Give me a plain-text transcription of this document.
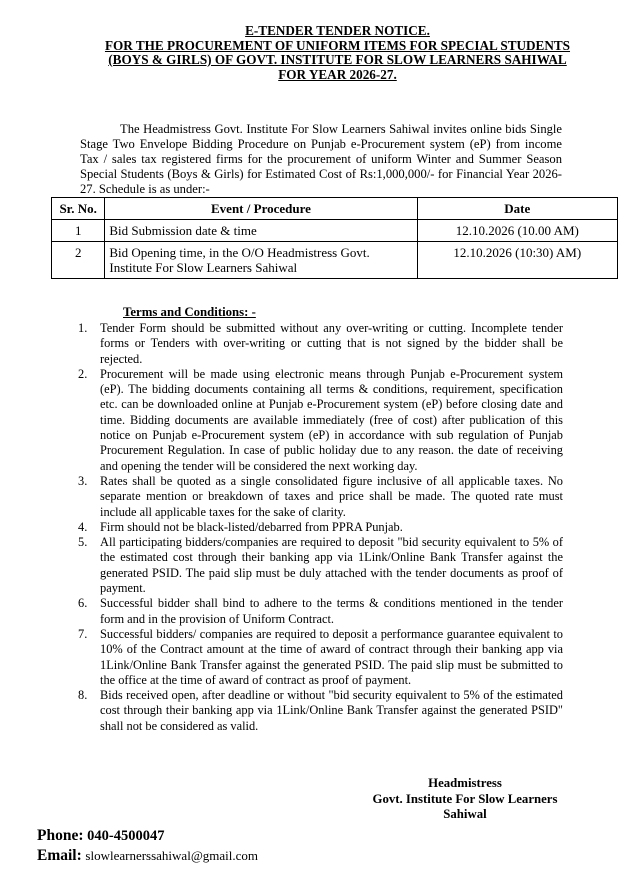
E-TENDER TENDER NOTICE.
FOR THE PROCUREMENT OF UNIFORM ITEMS FOR SPECIAL STUDENTS
(BOYS & GIRLS) OF GOVT. INSTITUTE FOR SLOW LEARNERS SAHIWAL
FOR YEAR 2026-27.

The Headmistress Govt. Institute For Slow Learners Sahiwal invites online bids Single Stage Two Envelope Bidding Procedure on Punjab e-Procurement system (eP) from income Tax / sales tax registered firms for the procurement of uniform Winter and Summer Season Special Students (Boys & Girls) for Estimated Cost of Rs:1,000,000/- for Financial Year 2026-27. Schedule is as under:-

Sr. No.	Event / Procedure	Date
1	Bid Submission date & time	12.10.2026 (10.00 AM)
2	Bid Opening time, in the O/O Headmistress Govt. Institute For Slow Learners Sahiwal	12.10.2026 (10:30) AM)
Terms and Conditions: -
1. Tender Form should be submitted without any over-writing or cutting. Incomplete tender forms or Tenders with over-writing or cutting that is not signed by the bidder shall be rejected.
2. Procurement will be made using electronic means through Punjab e-Procurement system (eP). The bidding documents containing all terms & conditions, requirement, specification etc. can be downloaded online at Punjab e-Procurement system (eP) before closing date and time. Bidding documents are available immediately (free of cost) after publication of this notice on Punjab e-Procurement system (eP) in accordance with sub regulation of Punjab Procurement Regulation. In case of public holiday due to any reason. the date of receiving and opening the tender will be considered the next working day.
3. Rates shall be quoted as a single consolidated figure inclusive of all applicable taxes. No separate mention or breakdown of taxes and price shall be made. The quoted rate must include all applicable taxes for the sake of clarity.
4. Firm should not be black-listed/debarred from PPRA Punjab.
5. All participating bidders/companies are required to deposit "bid security equivalent to 5% of the estimated cost through their banking app via 1Link/Online Bank Transfer against the generated PSID. The paid slip must be duly attached with the tender documents as proof of payment.
6. Successful bidder shall bind to adhere to the terms & conditions mentioned in the tender form and in the provision of Uniform Contract.
7. Successful bidders/ companies are required to deposit a performance guarantee equivalent to 10% of the Contract amount at the time of award of contract through their banking app via 1Link/Online Bank Transfer against the generated PSID. The paid slip must be submitted to the office at the time of award of contract as proof of payment.
8. Bids received open, after deadline or without "bid security equivalent to 5% of the estimated cost through their banking app via 1Link/Online Bank Transfer against the generated PSID" shall not be considered as valid.
Headmistress
Govt. Institute For Slow Learners
Sahiwal
Phone: 040-4500047
Email: slowlearnerssahiwal@gmail.com
